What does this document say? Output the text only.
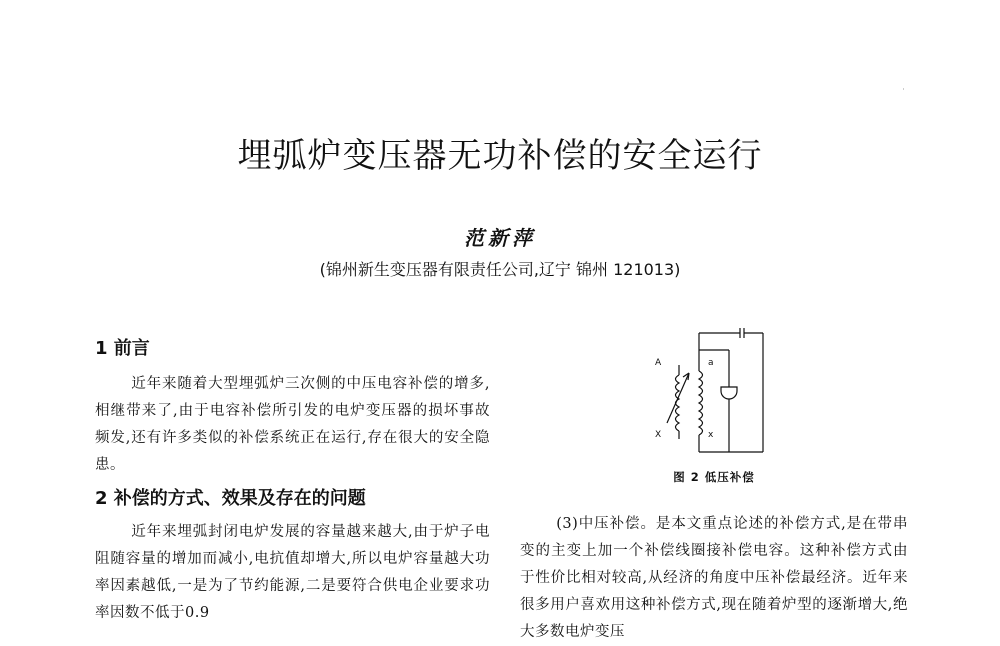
埋弧炉变压器无功补偿的安全运行
范新萍
(锦州新生变压器有限责任公司,辽宁 锦州 121013)
1 前言

近年来随着大型埋弧炉三次侧的中压电容补偿的增多,相继带来了,由于电容补偿所引发的电炉变压器的损坏事故频发,还有许多类似的补偿系统正在运行,存在很大的安全隐患。

2 补偿的方式、效果及存在的问题

近年来埋弧封闭电炉发展的容量越来越大,由于炉子电阻随容量的增加而减小,电抗值却增大,所以电炉容量越大功率因素越低,一是为了节约能源,二是要符合供电企业要求功率因数不低于0.9

A	a
X	x
图 2 低压补偿

(3)中压补偿。是本文重点论述的补偿方式,是在带串变的主变上加一个补偿线圈接补偿电容。这种补偿方式由于性价比相对较高,从经济的角度中压补偿最经济。近年来很多用户喜欢用这种补偿方式,现在随着炉型的逐渐增大,绝大多数电炉变压
